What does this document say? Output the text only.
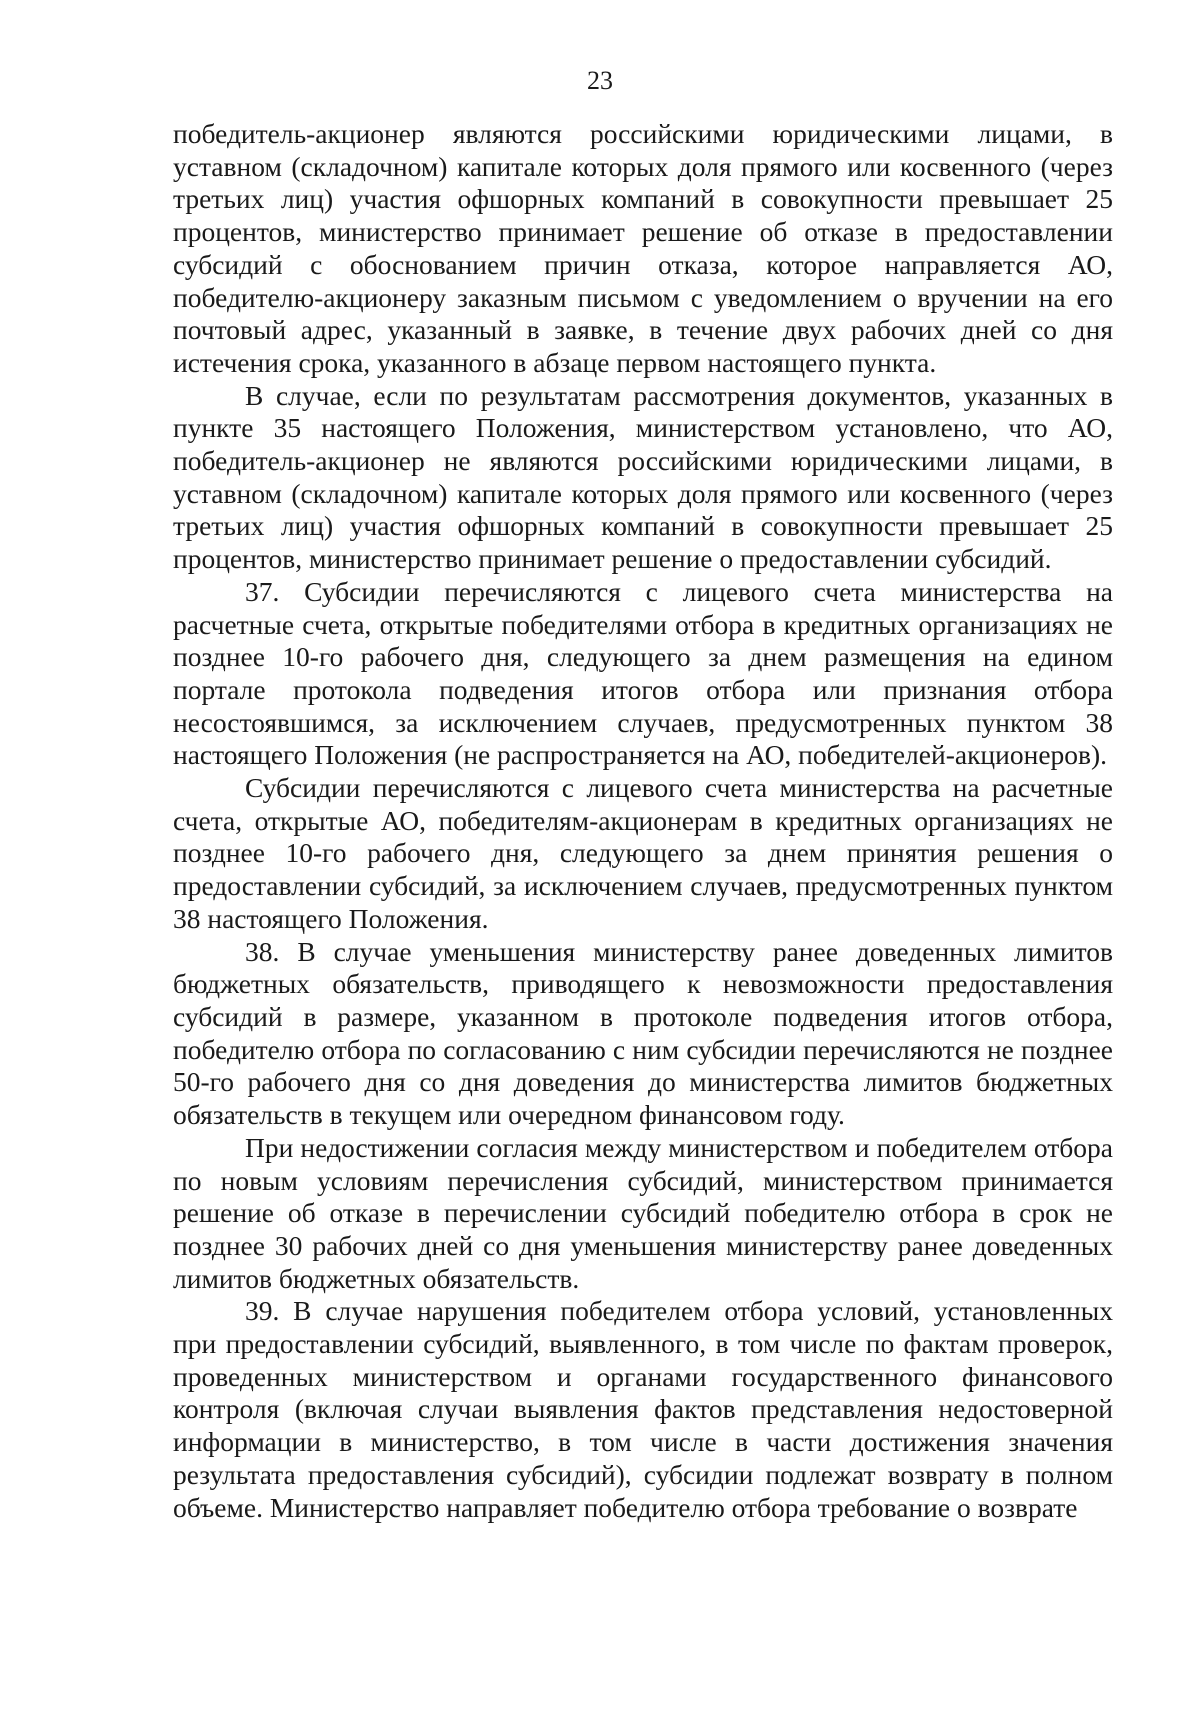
23

победитель-акционер являются российскими юридическими лицами, в уставном (складочном) капитале которых доля прямого или косвенного (через третьих лиц) участия офшорных компаний в совокупности превышает 25 процентов, министерство принимает решение об отказе в предоставлении субсидий с обоснованием причин отказа, которое направляется АО, победителю-акционеру заказным письмом с уведомлением о вручении на его почтовый адрес, указанный в заявке, в течение двух рабочих дней со дня истечения срока, указанного в абзаце первом настоящего пункта.

В случае, если по результатам рассмотрения документов, указанных в пункте 35 настоящего Положения, министерством установлено, что АО, победитель-акционер не являются российскими юридическими лицами, в уставном (складочном) капитале которых доля прямого или косвенного (через третьих лиц) участия офшорных компаний в совокупности превышает 25 процентов, министерство принимает решение о предоставлении субсидий.

37. Субсидии перечисляются с лицевого счета министерства на расчетные счета, открытые победителями отбора в кредитных организациях не позднее 10-го рабочего дня, следующего за днем размещения на едином портале протокола подведения итогов отбора или признания отбора несостоявшимся, за исключением случаев, предусмотренных пунктом 38 настоящего Положения (не распространяется на АО, победителей-акционеров).

Субсидии перечисляются с лицевого счета министерства на расчетные счета, открытые АО, победителям-акционерам в кредитных организациях не позднее 10-го рабочего дня, следующего за днем принятия решения о предоставлении субсидий, за исключением случаев, предусмотренных пунктом 38 настоящего Положения.

38. В случае уменьшения министерству ранее доведенных лимитов бюджетных обязательств, приводящего к невозможности предоставления субсидий в размере, указанном в протоколе подведения итогов отбора, победителю отбора по согласованию с ним субсидии перечисляются не позднее 50-го рабочего дня со дня доведения до министерства лимитов бюджетных обязательств в текущем или очередном финансовом году.

При недостижении согласия между министерством и победителем отбора по новым условиям перечисления субсидий, министерством принимается решение об отказе в перечислении субсидий победителю отбора в срок не позднее 30 рабочих дней со дня уменьшения министерству ранее доведенных лимитов бюджетных обязательств.

39. В случае нарушения победителем отбора условий, установленных при предоставлении субсидий, выявленного, в том числе по фактам проверок, проведенных министерством и органами государственного финансового контроля (включая случаи выявления фактов представления недостоверной информации в министерство, в том числе в части достижения значения результата предоставления субсидий), субсидии подлежат возврату в полном объеме. Министерство направляет победителю отбора требование о возврате
